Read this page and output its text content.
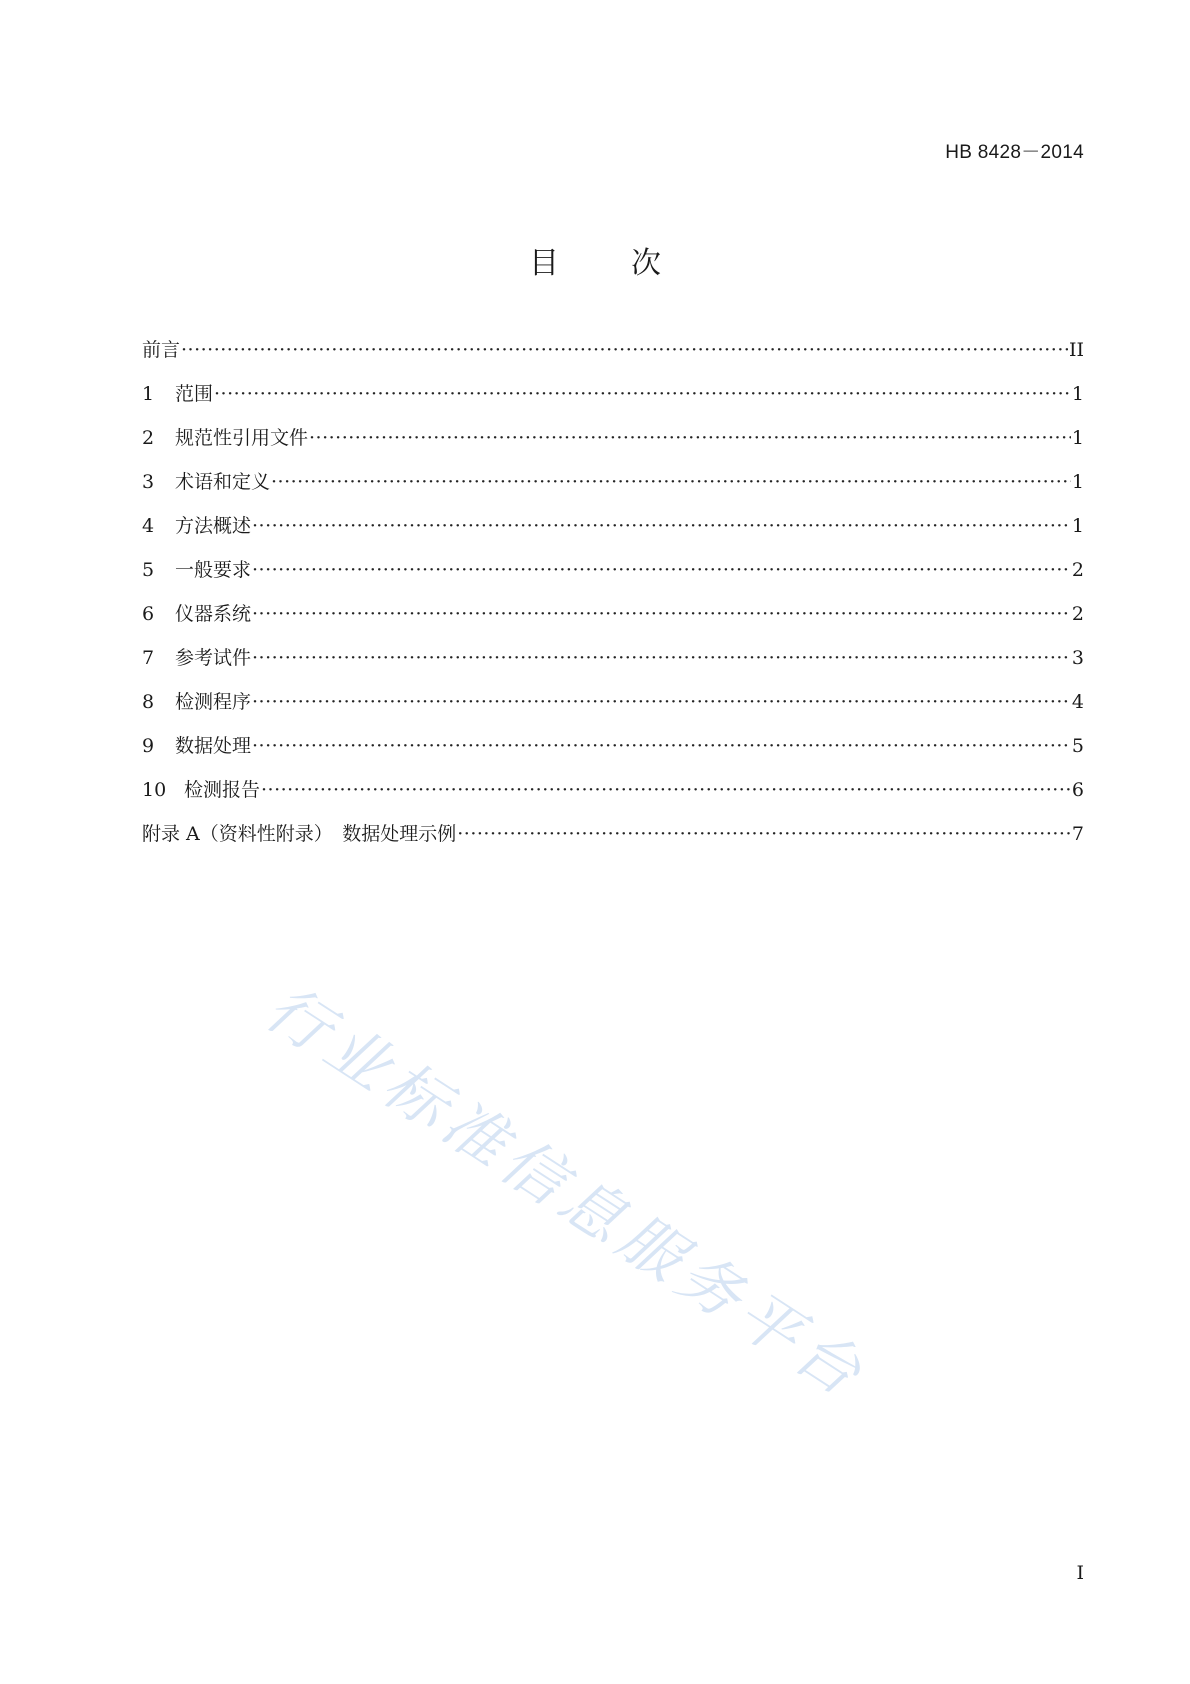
HB 8428－2014
目 次
前言 ·····	II
1	范围 ·····	1
2	规范性引用文件 ·····	1
3	术语和定义 ·····	1
4	方法概述 ·····	1
5	一般要求 ·····	2
6	仪器系统 ·····	2
7	参考试件 ·····	3
8	检测程序 ·····	4
9	数据处理 ·····	5
10 检测报告 ·····	6
附录 A（资料性附录）　数据处理示例 ·····	7
行业标准信息服务平台
I
